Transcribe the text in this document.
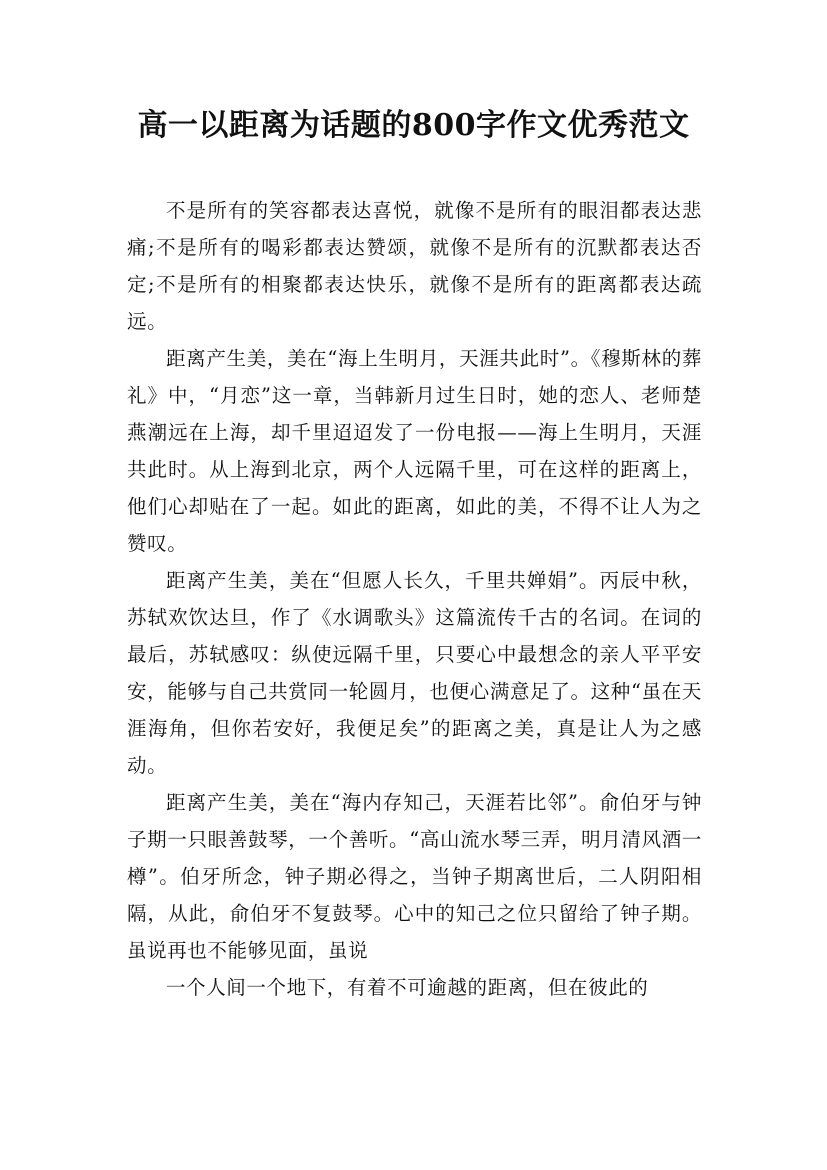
高一以距离为话题的800字作文优秀范文

不是所有的笑容都表达喜悦，就像不是所有的眼泪都表达悲痛;不是所有的喝彩都表达赞颂，就像不是所有的沉默都表达否定;不是所有的相聚都表达快乐，就像不是所有的距离都表达疏远。

距离产生美，美在“海上生明月，天涯共此时”。《穆斯林的葬礼》中，“月恋”这一章，当韩新月过生日时，她的恋人、老师楚燕潮远在上海，却千里迢迢发了一份电报——海上生明月，天涯共此时。从上海到北京，两个人远隔千里，可在这样的距离上，他们心却贴在了一起。如此的距离，如此的美，不得不让人为之赞叹。

距离产生美，美在“但愿人长久，千里共婵娟”。丙辰中秋，苏轼欢饮达旦，作了《水调歌头》这篇流传千古的名词。在词的最后，苏轼感叹：纵使远隔千里，只要心中最想念的亲人平平安安，能够与自己共赏同一轮圆月，也便心满意足了。这种“虽在天涯海角，但你若安好，我便足矣”的距离之美，真是让人为之感动。

距离产生美，美在“海内存知己，天涯若比邻”。俞伯牙与钟子期一只眼善鼓琴，一个善听。“高山流水琴三弄，明月清风酒一樽”。伯牙所念，钟子期必得之，当钟子期离世后，二人阴阳相隔，从此，俞伯牙不复鼓琴。心中的知己之位只留给了钟子期。虽说再也不能够见面，虽说

一个人间一个地下，有着不可逾越的距离，但在彼此的
